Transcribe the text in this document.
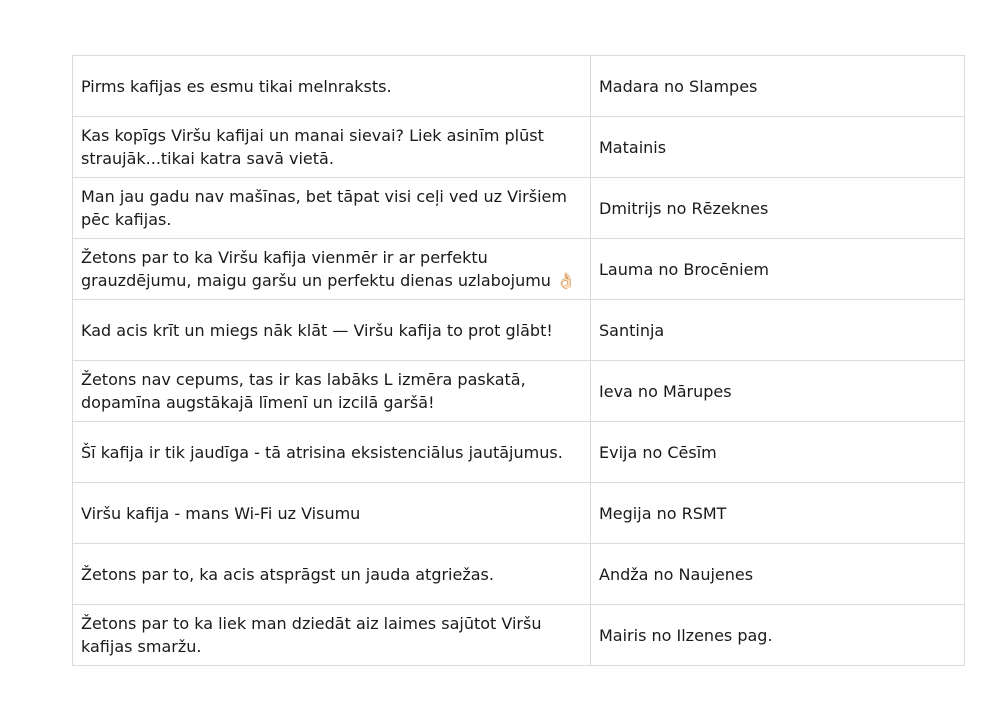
Pirms kafijas es esmu tikai melnraksts.	Madara no Slampes
Kas kopīgs Viršu kafijai un manai sievai? Liek asinīm plūst straujāk...tikai katra savā vietā.	Matainis
Man jau gadu nav mašīnas, bet tāpat visi ceļi ved uz Viršiem pēc kafijas.	Dmitrijs no Rēzeknes
Žetons par to ka Viršu kafija vienmēr ir ar perfektu grauzdējumu, maigu garšu un perfektu dienas uzlabojumu 👌🏻	Lauma no Brocēniem
Kad acis krīt un miegs nāk klāt — Viršu kafija to prot glābt!	Santinja
Žetons nav cepums, tas ir kas labāks L izmēra paskatā, dopamīna augstākajā līmenī un izcilā garšā!	Ieva no Mārupes
Šī kafija ir tik jaudīga - tā atrisina eksistenciālus jautājumus.	Evija no Cēsīm
Viršu kafija - mans Wi-Fi uz Visumu	Megija no RSMT
Žetons par to, ka acis atsprāgst un jauda atgriežas.	Andža no Naujenes
Žetons par to ka liek man dziedāt aiz laimes sajūtot Viršu kafijas smaržu.	Mairis no Ilzenes pag.
